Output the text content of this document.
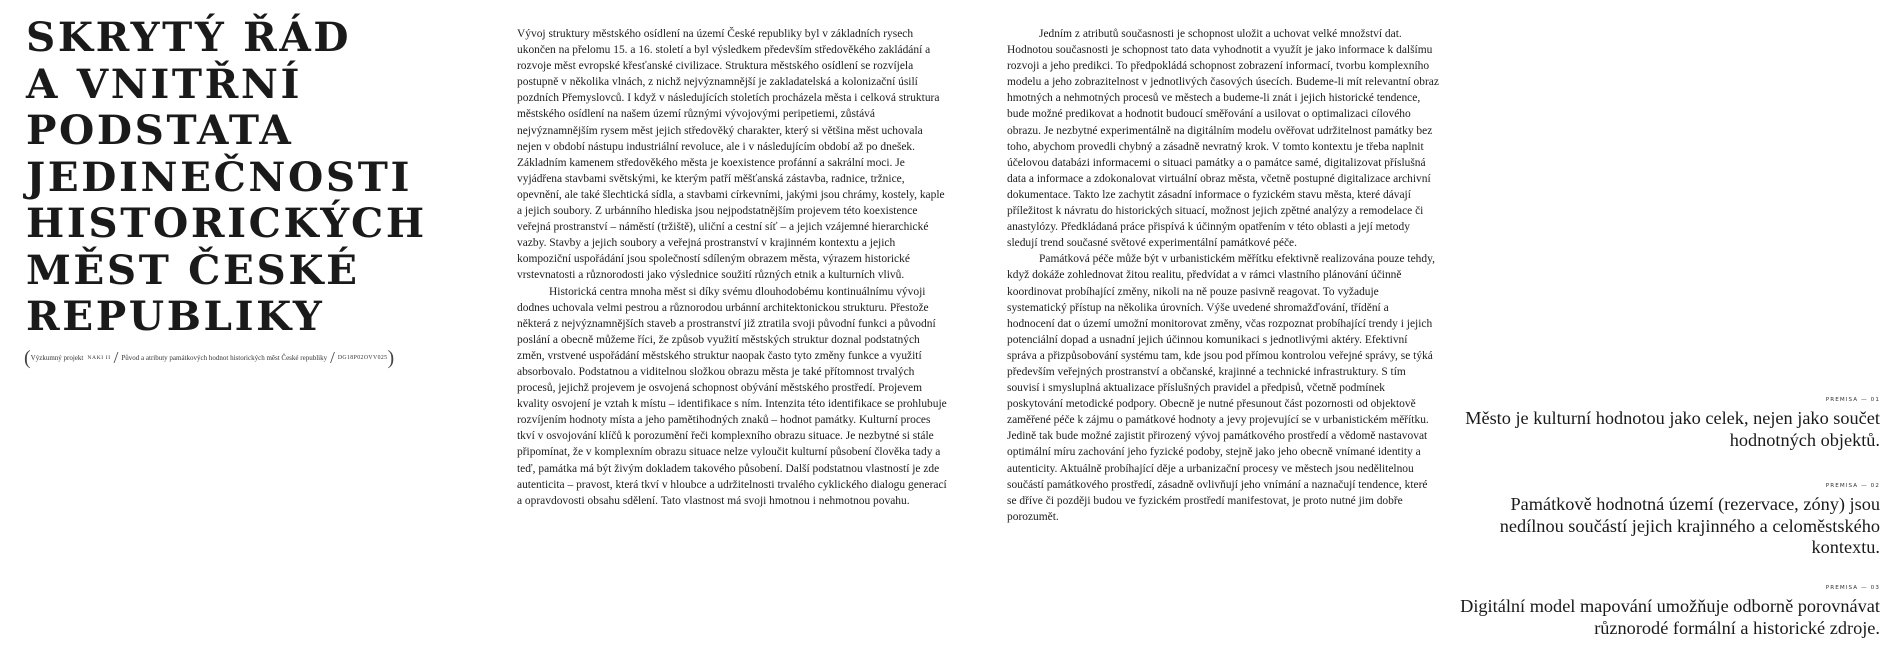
SKRYTÝ ŘÁD
A VNITŘNÍ
PODSTATA
JEDINEČNOSTI
HISTORICKÝCH
MĚST ČESKÉ
REPUBLIKY
( Výzkumný projekt NAKI II / Původ a atributy památkových hodnot historických měst České republiky / DG18P02OVV025 )

Vývoj struktury městského osídlení na území České republiky byl v základních rysech ukončen na přelomu 15. a 16. století a byl výsledkem především středověkého zakládání a rozvoje měst evropské křesťanské civilizace. Struktura městského osídlení se rozvíjela postupně v několika vlnách, z nichž nejvýznamnější je zakladatelská a kolonizační úsilí pozdních Přemyslovců. I když v následujících stoletích procházela města i celková struktura městského osídlení na našem území různými vývojovými peripetiemi, zůstává nejvýznamnějším rysem měst jejich středověký charakter, který si většina měst uchovala nejen v období nástupu industriální revoluce, ale i v následujícím období až po dnešek. Základním kamenem středověkého města je koexistence profánní a sakrální moci. Je vyjádřena stavbami světskými, ke kterým patří měšťanská zástavba, radnice, tržnice, opevnění, ale také šlechtická sídla, a stavbami církevními, jakými jsou chrámy, kostely, kaple a jejich soubory. Z urbánního hlediska jsou nejpodstatnějším projevem této koexistence veřejná prostranství – náměstí (tržiště), uliční a cestní síť – a jejich vzájemné hierarchické vazby. Stavby a jejich soubory a veřejná prostranství v krajinném kontextu a jejich kompoziční uspořádání jsou společností sdíleným obrazem města, výrazem historické vrstevnatosti a různorodosti jako výslednice soužití různých etnik a kulturních vlivů.

Historická centra mnoha měst si díky svému dlouhodobému kontinuálnímu vývoji dodnes uchovala velmi pestrou a různorodou urbánní architektonickou strukturu. Přestože některá z nejvýznamnějších staveb a prostranství již ztratila svoji původní funkci a původní poslání a obecně můžeme říci, že způsob využití městských struktur doznal podstatných změn, vrstvené uspořádání městského struktur naopak často tyto změny funkce a využití absorbovalo. Podstatnou a viditelnou složkou obrazu města je také přítomnost trvalých procesů, jejichž projevem je osvojená schopnost obývání městského prostředí. Projevem kvality osvojení je vztah k místu – identifikace s ním. Intenzita této identifikace se prohlubuje rozvíjením hodnoty místa a jeho pamětihodných znaků – hodnot památky. Kulturní proces tkví v osvojování klíčů k porozumění řeči komplexního obrazu situace. Je nezbytné si stále připomínat, že v komplexním obrazu situace nelze vyloučit kulturní působení člověka tady a teď, památka má být živým dokladem takového působení. Další podstatnou vlastností je zde autenticita – pravost, která tkví v hloubce a udržitelnosti trvalého cyklického dialogu generací a opravdovosti obsahu sdělení. Tato vlastnost má svoji hmotnou i nehmotnou povahu.

Jedním z atributů současnosti je schopnost uložit a uchovat velké množství dat. Hodnotou současnosti je schopnost tato data vyhodnotit a využít je jako informace k dalšímu rozvoji a jeho predikci. To předpokládá schopnost zobrazení informací, tvorbu komplexního modelu a jeho zobrazitelnost v jednotlivých časových úsecích. Budeme-li mít relevantní obraz hmotných a nehmotných procesů ve městech a budeme-li znát i jejich historické tendence, bude možné predikovat a hodnotit budoucí směřování a usilovat o optimalizaci cílového obrazu. Je nezbytné experimentálně na digitálním modelu ověřovat udržitelnost památky bez toho, abychom provedli chybný a zásadně nevratný krok. V tomto kontextu je třeba naplnit účelovou databázi informacemi o situaci památky a o památce samé, digitalizovat příslušná data a informace a zdokonalovat virtuální obraz města, včetně postupné digitalizace archivní dokumentace. Takto lze zachytit zásadní informace o fyzickém stavu města, které dávají příležitost k návratu do historických situací, možnost jejich zpětné analýzy a remodelace či anastylózy. Předkládaná práce přispívá k účinným opatřením v této oblasti a její metody sledují trend současné světové experimentální památkové péče.

Památková péče může být v urbanistickém měřítku efektivně realizována pouze tehdy, když dokáže zohlednovat žitou realitu, předvídat a v rámci vlastního plánování účinně koordinovat probíhající změny, nikoli na ně pouze pasivně reagovat. To vyžaduje systematický přístup na několika úrovních. Výše uvedené shromažďování, třídění a hodnocení dat o území umožní monitorovat změny, včas rozpoznat probíhající trendy i jejich potenciální dopad a usnadní jejich účinnou komunikaci s jednotlivými aktéry. Efektivní správa a přizpůsobování systému tam, kde jsou pod přímou kontrolou veřejné správy, se týká především veřejných prostranství a občanské, krajinné a technické infrastruktury. S tím souvisí i smysluplná aktualizace příslušných pravidel a předpisů, včetně podmínek poskytování metodické podpory. Obecně je nutné přesunout část pozornosti od objektově zaměřené péče k zájmu o památkové hodnoty a jevy projevující se v urbanistickém měřítku. Jedině tak bude možné zajistit přirozený vývoj památkového prostředí a vědomě nastavovat optimální míru zachování jeho fyzické podoby, stejně jako jeho obecně vnímané identity a autenticity. Aktuálně probíhající děje a urbanizační procesy ve městech jsou nedělitelnou součástí památkového prostředí, zásadně ovlivňují jeho vnímání a naznačují tendence, které se dříve či později budou ve fyzickém prostředí manifestovat, je proto nutné jim dobře porozumět.

PREMISA — 01

Město je kulturní hodnotou jako celek, nejen jako součet hodnotných objektů.

PREMISA — 02

Památkově hodnotná území (rezervace, zóny) jsou nedílnou součástí jejich krajinného a celoměstského kontextu.

PREMISA — 03

Digitální model mapování umožňuje odborně porovnávat různorodé formální a historické zdroje.
